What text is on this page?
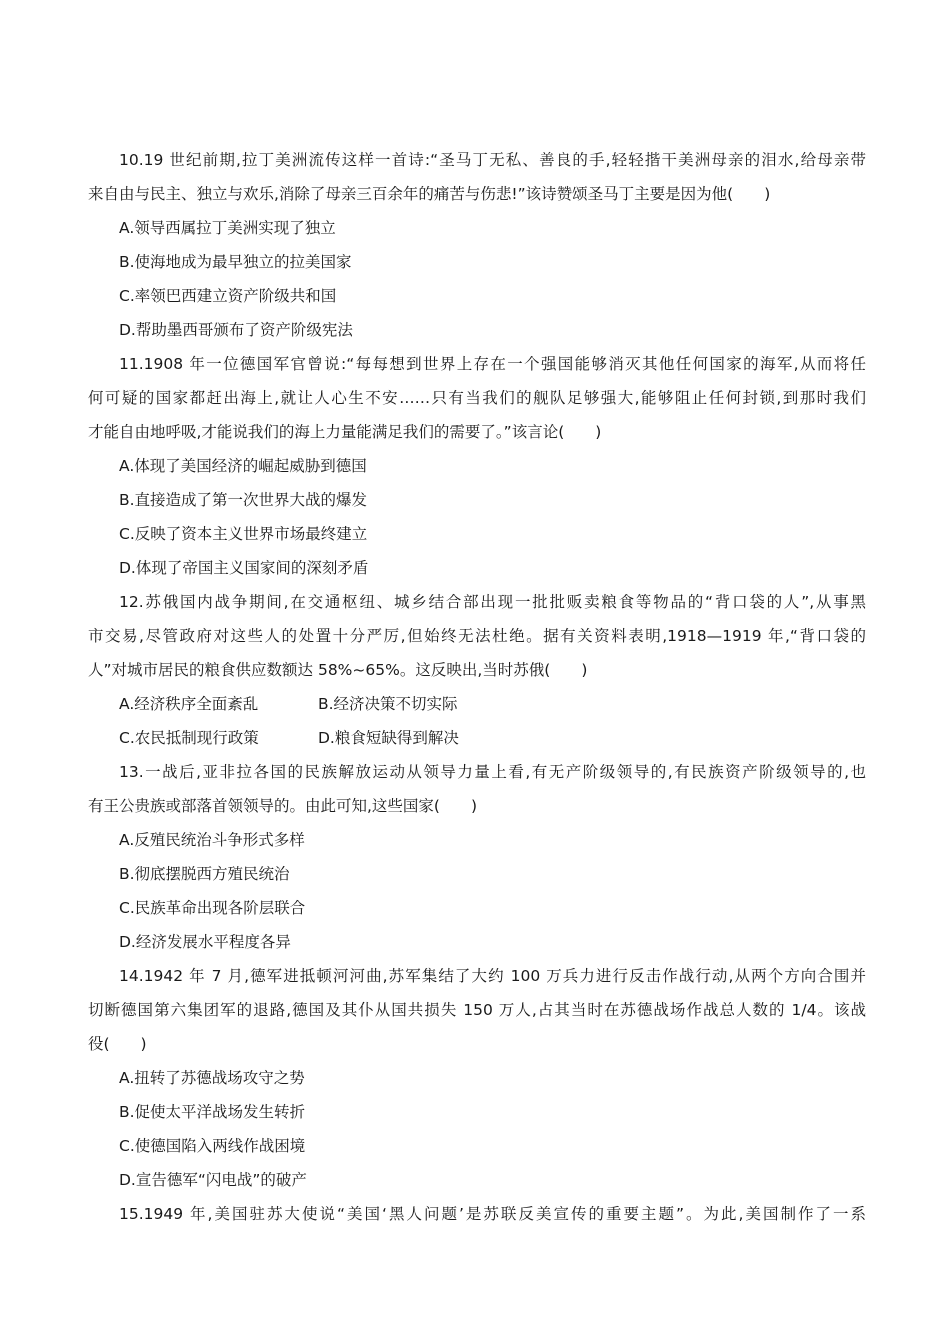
10.19 世纪前期,拉丁美洲流传这样一首诗:“圣马丁无私、善良的手,轻轻揩干美洲母亲的泪水,给母亲带
来自由与民主、独立与欢乐,消除了母亲三百余年的痛苦与伤悲!”该诗赞颂圣马丁主要是因为他(　　)
A.领导西属拉丁美洲实现了独立
B.使海地成为最早独立的拉美国家
C.率领巴西建立资产阶级共和国
D.帮助墨西哥颁布了资产阶级宪法
11.1908 年一位德国军官曾说:“每每想到世界上存在一个强国能够消灭其他任何国家的海军,从而将任
何可疑的国家都赶出海上,就让人心生不安……只有当我们的舰队足够强大,能够阻止任何封锁,到那时我们
才能自由地呼吸,才能说我们的海上力量能满足我们的需要了。”该言论(　　)
A.体现了美国经济的崛起威胁到德国
B.直接造成了第一次世界大战的爆发
C.反映了资本主义世界市场最终建立
D.体现了帝国主义国家间的深刻矛盾
12.苏俄国内战争期间,在交通枢纽、城乡结合部出现一批批贩卖粮食等物品的“背口袋的人”,从事黑
市交易,尽管政府对这些人的处置十分严厉,但始终无法杜绝。据有关资料表明,1918—1919 年,“背口袋的
人”对城市居民的粮食供应数额达 58%~65%。这反映出,当时苏俄(　　)
A.经济秩序全面紊乱	B.经济决策不切实际
C.农民抵制现行政策	D.粮食短缺得到解决
13.一战后,亚非拉各国的民族解放运动从领导力量上看,有无产阶级领导的,有民族资产阶级领导的,也
有王公贵族或部落首领领导的。由此可知,这些国家(　　)
A.反殖民统治斗争形式多样
B.彻底摆脱西方殖民统治
C.民族革命出现各阶层联合
D.经济发展水平程度各异
14.1942 年 7 月,德军进抵顿河河曲,苏军集结了大约 100 万兵力进行反击作战行动,从两个方向合围并
切断德国第六集团军的退路,德国及其仆从国共损失 150 万人,占其当时在苏德战场作战总人数的 1/4。该战
役(　　)
A.扭转了苏德战场攻守之势
B.促使太平洋战场发生转折
C.使德国陷入两线作战困境
D.宣告德军“闪电战”的破产
15.1949 年,美国驻苏大使说“美国‘黑人问题’是苏联反美宣传的重要主题”。为此,美国制作了一系
